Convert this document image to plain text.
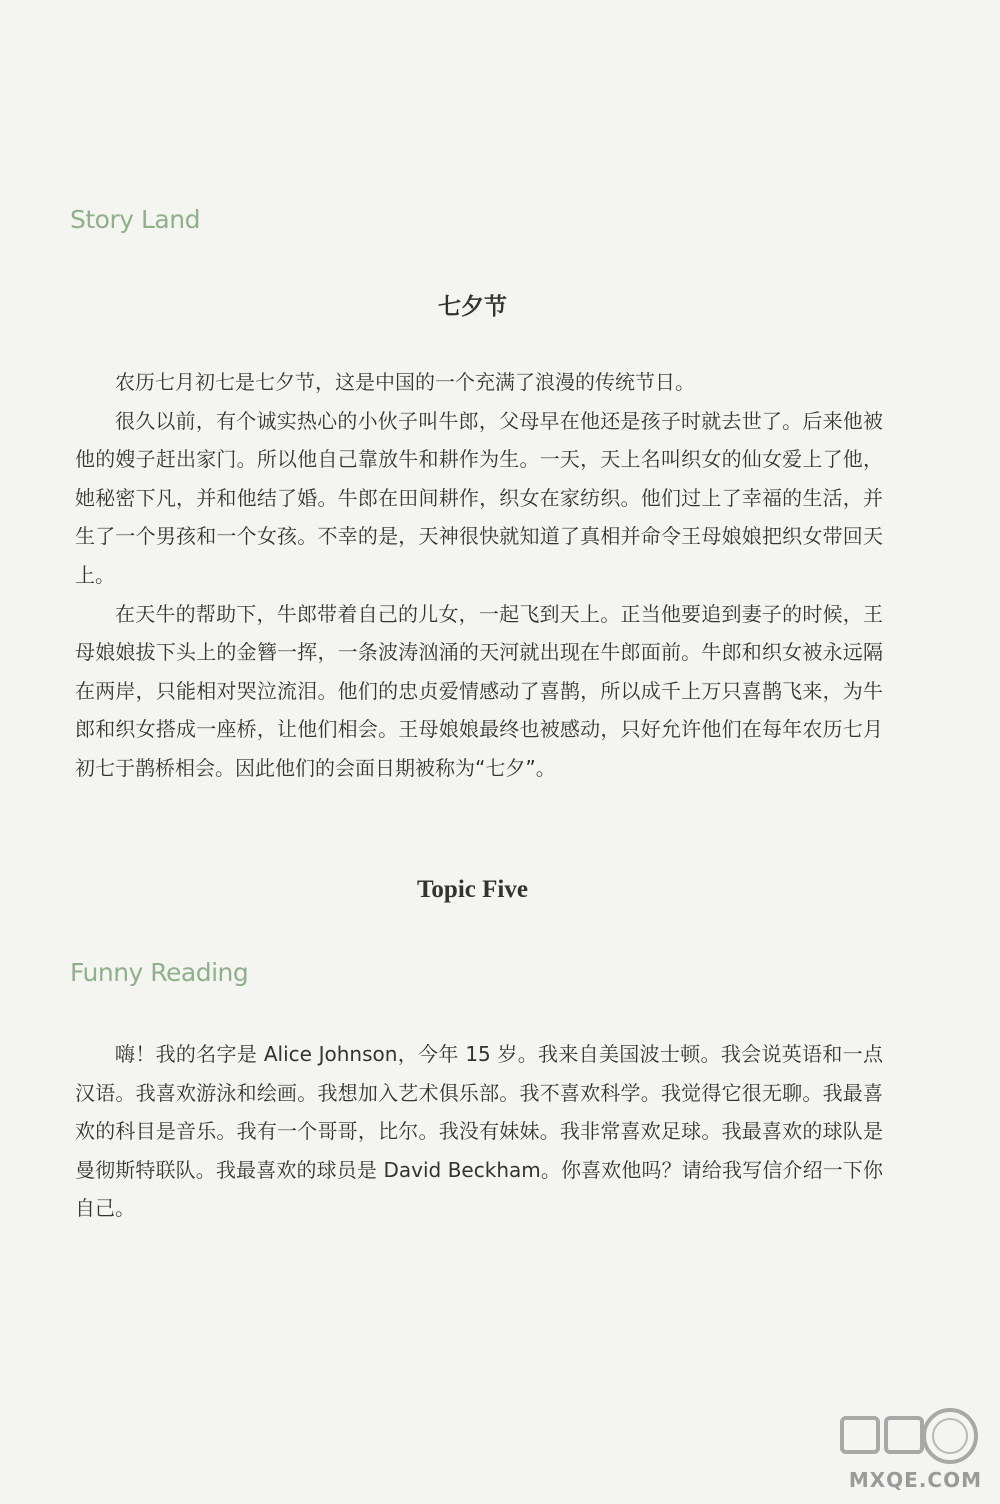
Story Land
七夕节

农历七月初七是七夕节，这是中国的一个充满了浪漫的传统节日。

很久以前，有个诚实热心的小伙子叫牛郎，父母早在他还是孩子时就去世了。后来他被他的嫂子赶出家门。所以他自己靠放牛和耕作为生。一天，天上名叫织女的仙女爱上了他，她秘密下凡，并和他结了婚。牛郎在田间耕作，织女在家纺织。他们过上了幸福的生活，并生了一个男孩和一个女孩。不幸的是，天神很快就知道了真相并命令王母娘娘把织女带回天上。

在天牛的帮助下，牛郎带着自己的儿女，一起飞到天上。正当他要追到妻子的时候，王母娘娘拔下头上的金簪一挥，一条波涛汹涌的天河就出现在牛郎面前。牛郎和织女被永远隔在两岸，只能相对哭泣流泪。他们的忠贞爱情感动了喜鹊，所以成千上万只喜鹊飞来，为牛郎和织女搭成一座桥，让他们相会。王母娘娘最终也被感动，只好允许他们在每年农历七月初七于鹊桥相会。因此他们的会面日期被称为“七夕”。

Topic Five
Funny Reading

嗨！我的名字是 Alice Johnson，今年 15 岁。我来自美国波士顿。我会说英语和一点汉语。我喜欢游泳和绘画。我想加入艺术俱乐部。我不喜欢科学。我觉得它很无聊。我最喜欢的科目是音乐。我有一个哥哥，比尔。我没有妹妹。我非常喜欢足球。我最喜欢的球队是曼彻斯特联队。我最喜欢的球员是 David Beckham。你喜欢他吗？请给我写信介绍一下你自己。

MXQE.COM
